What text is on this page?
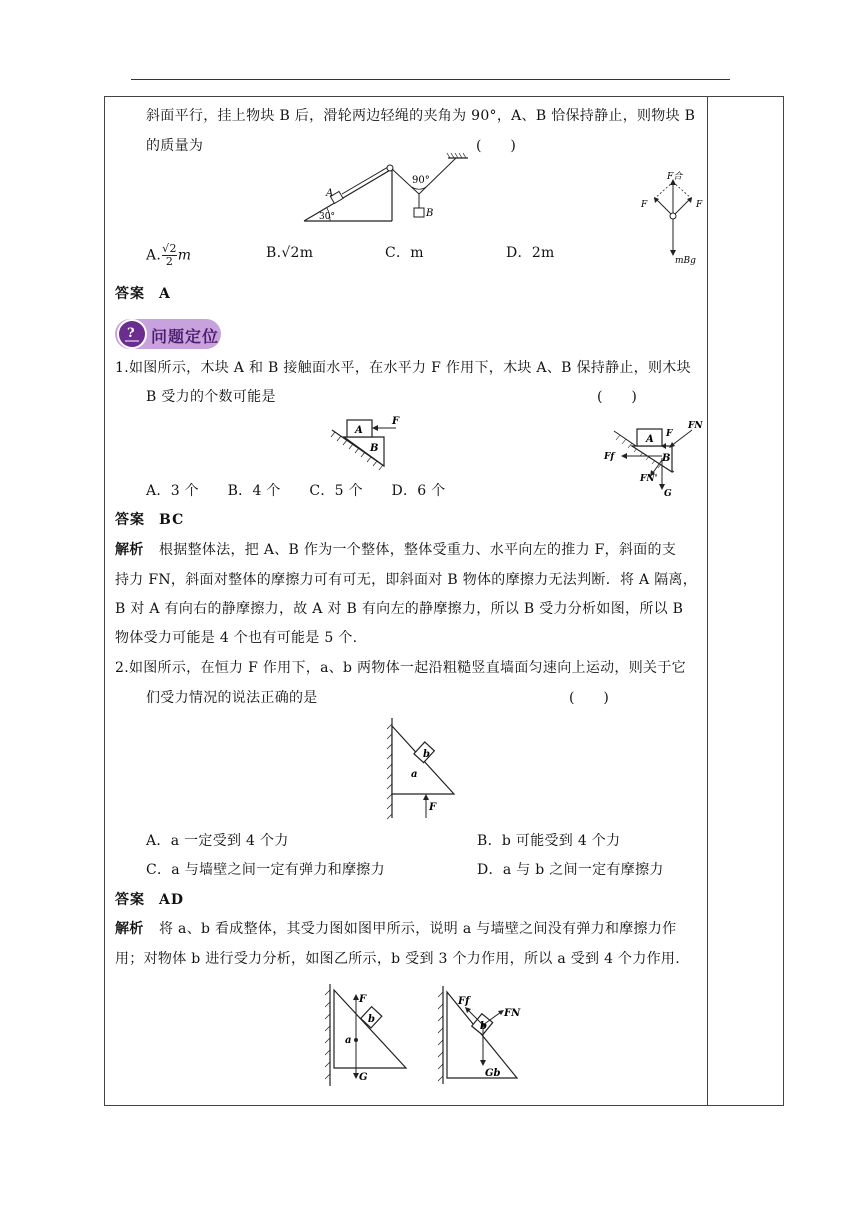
斜面平行，挂上物块 B 后，滑轮两边轻绳的夹角为 90°，A、B 恰保持静止，则物块 B
的质量为	(　　)
A
30°
90°
B
F合
F	F
mBg
A. $\frac{√2}{2}$ m	B.√2m	C．m	D．2m
答案 A
? 问题定位
1.如图所示，木块 A 和 B 接触面水平，在水平力 F 作用下，木块 A、B 保持静止，则木块
B 受力的个数可能是	(　　)
A
B
F
A
B
F
FN
Ff
FN'
G
A．3 个　　B．4 个　　C．5 个　　D．6 个
答案 BC
解析 根据整体法，把 A、B 作为一个整体，整体受重力、水平向左的推力 F，斜面的支
持力 FN，斜面对整体的摩擦力可有可无，即斜面对 B 物体的摩擦力无法判断．将 A 隔离，
B 对 A 有向右的静摩擦力，故 A 对 B 有向左的静摩擦力，所以 B 受力分析如图，所以 B
物体受力可能是 4 个也有可能是 5 个.
2.如图所示，在恒力 F 作用下，a、b 两物体一起沿粗糙竖直墙面匀速向上运动，则关于它
们受力情况的说法正确的是	(　　)
b
a
F
A．a 一定受到 4 个力	B．b 可能受到 4 个力
C．a 与墙壁之间一定有弹力和摩擦力	D．a 与 b 之间一定有摩擦力
答案 AD
解析 将 a、b 看成整体，其受力图如图甲所示，说明 a 与墙壁之间没有弹力和摩擦力作
用；对物体 b 进行受力分析，如图乙所示，b 受到 3 个力作用，所以 a 受到 4 个力作用.
F
b
a
G
Ff
FN
b
Gb
